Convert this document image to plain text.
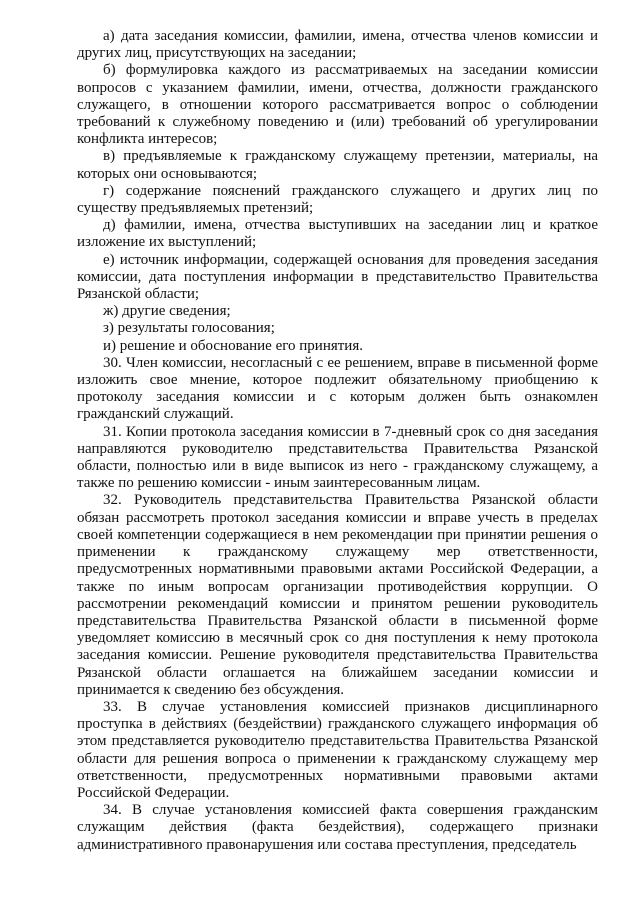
а) дата заседания комиссии, фамилии, имена, отчества членов комиссии и других лиц, присутствующих на заседании;

б) формулировка каждого из рассматриваемых на заседании комиссии вопросов с указанием фамилии, имени, отчества, должности гражданского служащего, в отношении которого рассматривается вопрос о соблюдении требований к служебному поведению и (или) требований об урегулировании конфликта интересов;

в) предъявляемые к гражданскому служащему претензии, материалы, на которых они основываются;

г) содержание пояснений гражданского служащего и других лиц по существу предъявляемых претензий;

д) фамилии, имена, отчества выступивших на заседании лиц и краткое изложение их выступлений;

е) источник информации, содержащей основания для проведения заседания комиссии, дата поступления информации в представительство Правительства Рязанской области;

ж) другие сведения;

з) результаты голосования;

и) решение и обоснование его принятия.

30. Член комиссии, несогласный с ее решением, вправе в письменной форме изложить свое мнение, которое подлежит обязательному приобщению к протоколу заседания комиссии и с которым должен быть ознакомлен гражданский служащий.

31. Копии протокола заседания комиссии в 7-дневный срок со дня заседания направляются руководителю представительства Правительства Рязанской области, полностью или в виде выписок из него - гражданскому служащему, а также по решению комиссии - иным заинтересованным лицам.

32. Руководитель представительства Правительства Рязанской области обязан рассмотреть протокол заседания комиссии и вправе учесть в пределах своей компетенции содержащиеся в нем рекомендации при принятии решения о применении к гражданскому служащему мер ответственности, предусмотренных нормативными правовыми актами Российской Федерации, а также по иным вопросам организации противодействия коррупции. О рассмотрении рекомендаций комиссии и принятом решении руководитель представительства Правительства Рязанской области в письменной форме уведомляет комиссию в месячный срок со дня поступления к нему протокола заседания комиссии. Решение руководителя представительства Правительства Рязанской области оглашается на ближайшем заседании комиссии и принимается к сведению без обсуждения.

33. В случае установления комиссией признаков дисциплинарного проступка в действиях (бездействии) гражданского служащего информация об этом представляется руководителю представительства Правительства Рязанской области для решения вопроса о применении к гражданскому служащему мер ответственности, предусмотренных нормативными правовыми актами Российской Федерации.

34. В случае установления комиссией факта совершения гражданским служащим действия (факта бездействия), содержащего признаки административного правонарушения или состава преступления, председатель
